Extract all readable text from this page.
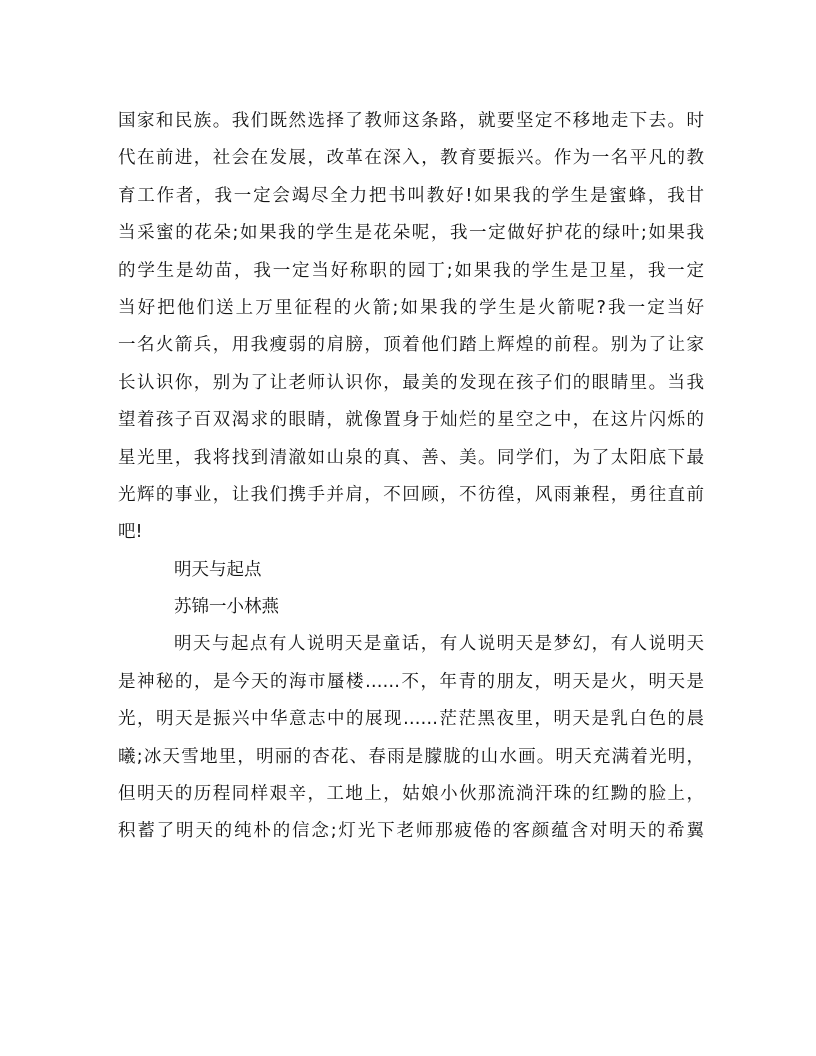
国家和民族。我们既然选择了教师这条路，就要坚定不移地走下去。时
代在前进，社会在发展，改革在深入，教育要振兴。作为一名平凡的教
育工作者，我一定会竭尽全力把书叫教好!如果我的学生是蜜蜂，我甘
当采蜜的花朵;如果我的学生是花朵呢，我一定做好护花的绿叶;如果我
的学生是幼苗，我一定当好称职的园丁;如果我的学生是卫星，我一定
当好把他们送上万里征程的火箭;如果我的学生是火箭呢?我一定当好
一名火箭兵，用我瘦弱的肩膀，顶着他们踏上辉煌的前程。别为了让家
长认识你，别为了让老师认识你，最美的发现在孩子们的眼睛里。当我
望着孩子百双渴求的眼睛，就像置身于灿烂的星空之中，在这片闪烁的
星光里，我将找到清澈如山泉的真、善、美。同学们，为了太阳底下最
光辉的事业，让我们携手并肩，不回顾，不彷徨，风雨兼程，勇往直前
吧!
明天与起点
苏锦一小林燕
明天与起点有人说明天是童话，有人说明天是梦幻，有人说明天
是神秘的，是今天的海市蜃楼……不，年青的朋友，明天是火，明天是
光，明天是振兴中华意志中的展现……茫茫黑夜里，明天是乳白色的晨
曦;冰天雪地里，明丽的杏花、春雨是朦胧的山水画。明天充满着光明，
但明天的历程同样艰辛，工地上，姑娘小伙那流淌汗珠的红黝的脸上，
积蓄了明天的纯朴的信念;灯光下老师那疲倦的客颜蕴含对明天的希翼
